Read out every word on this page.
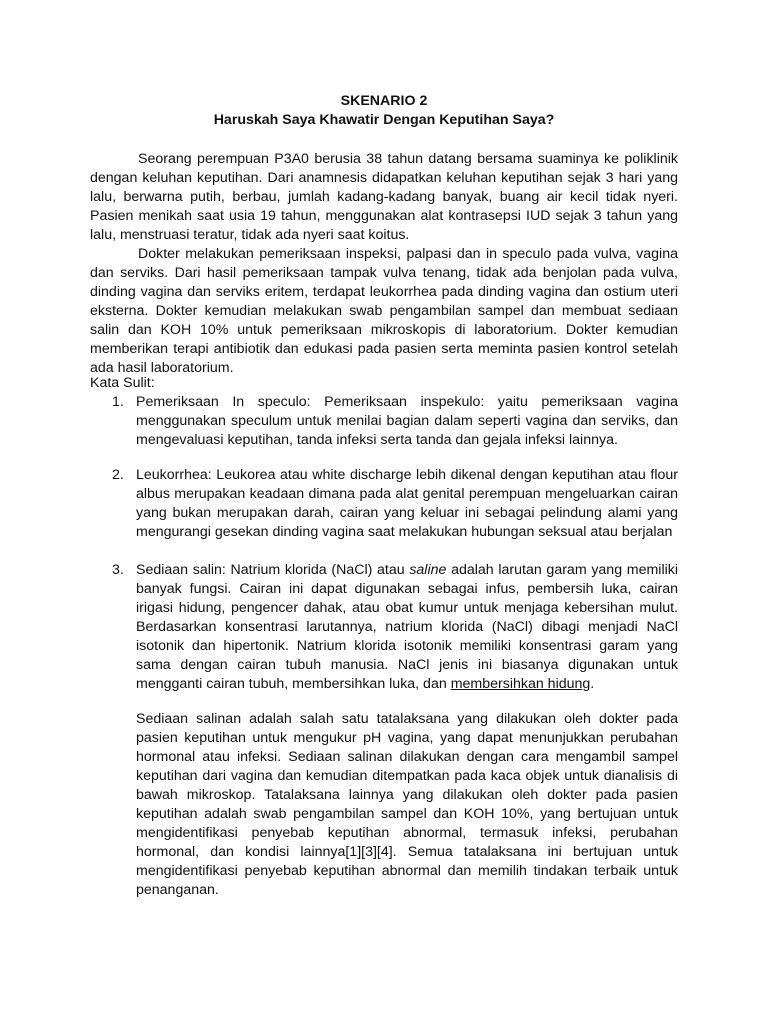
SKENARIO 2

Haruskah Saya Khawatir Dengan Keputihan Saya?

Seorang perempuan P3A0 berusia 38 tahun datang bersama suaminya ke poliklinik dengan keluhan keputihan. Dari anamnesis didapatkan keluhan keputihan sejak 3 hari yang lalu, berwarna putih, berbau, jumlah kadang-kadang banyak, buang air kecil tidak nyeri. Pasien menikah saat usia 19 tahun, menggunakan alat kontrasepsi IUD sejak 3 tahun yang lalu, menstruasi teratur, tidak ada nyeri saat koitus.

Dokter melakukan pemeriksaan inspeksi, palpasi dan in speculo pada vulva, vagina dan serviks. Dari hasil pemeriksaan tampak vulva tenang, tidak ada benjolan pada vulva, dinding vagina dan serviks eritem, terdapat leukorrhea pada dinding vagina dan ostium uteri eksterna. Dokter kemudian melakukan swab pengambilan sampel dan membuat sediaan salin dan KOH 10% untuk pemeriksaan mikroskopis di laboratorium. Dokter kemudian memberikan terapi antibiotik dan edukasi pada pasien serta meminta pasien kontrol setelah ada hasil laboratorium.

Kata Sulit:

1. Pemeriksaan In speculo: Pemeriksaan inspekulo: yaitu pemeriksaan vagina menggunakan speculum untuk menilai bagian dalam seperti vagina dan serviks, dan mengevaluasi keputihan, tanda infeksi serta tanda dan gejala infeksi lainnya.

2. Leukorrhea: Leukorea atau white discharge lebih dikenal dengan keputihan atau flour albus merupakan keadaan dimana pada alat genital perempuan mengeluarkan cairan yang bukan merupakan darah, cairan yang keluar ini sebagai pelindung alami yang mengurangi gesekan dinding vagina saat melakukan hubungan seksual atau berjalan

3. Sediaan salin: Natrium klorida (NaCl) atau saline adalah larutan garam yang memiliki banyak fungsi. Cairan ini dapat digunakan sebagai infus, pembersih luka, cairan irigasi hidung, pengencer dahak, atau obat kumur untuk menjaga kebersihan mulut. Berdasarkan konsentrasi larutannya, natrium klorida (NaCl) dibagi menjadi NaCl isotonik dan hipertonik. Natrium klorida isotonik memiliki konsentrasi garam yang sama dengan cairan tubuh manusia. NaCl jenis ini biasanya digunakan untuk mengganti cairan tubuh, membersihkan luka, dan membersihkan hidung.

Sediaan salinan adalah salah satu tatalaksana yang dilakukan oleh dokter pada pasien keputihan untuk mengukur pH vagina, yang dapat menunjukkan perubahan hormonal atau infeksi. Sediaan salinan dilakukan dengan cara mengambil sampel keputihan dari vagina dan kemudian ditempatkan pada kaca objek untuk dianalisis di bawah mikroskop. Tatalaksana lainnya yang dilakukan oleh dokter pada pasien keputihan adalah swab pengambilan sampel dan KOH 10%, yang bertujuan untuk mengidentifikasi penyebab keputihan abnormal, termasuk infeksi, perubahan hormonal, dan kondisi lainnya[1][3][4]. Semua tatalaksana ini bertujuan untuk mengidentifikasi penyebab keputihan abnormal dan memilih tindakan terbaik untuk penanganan.
